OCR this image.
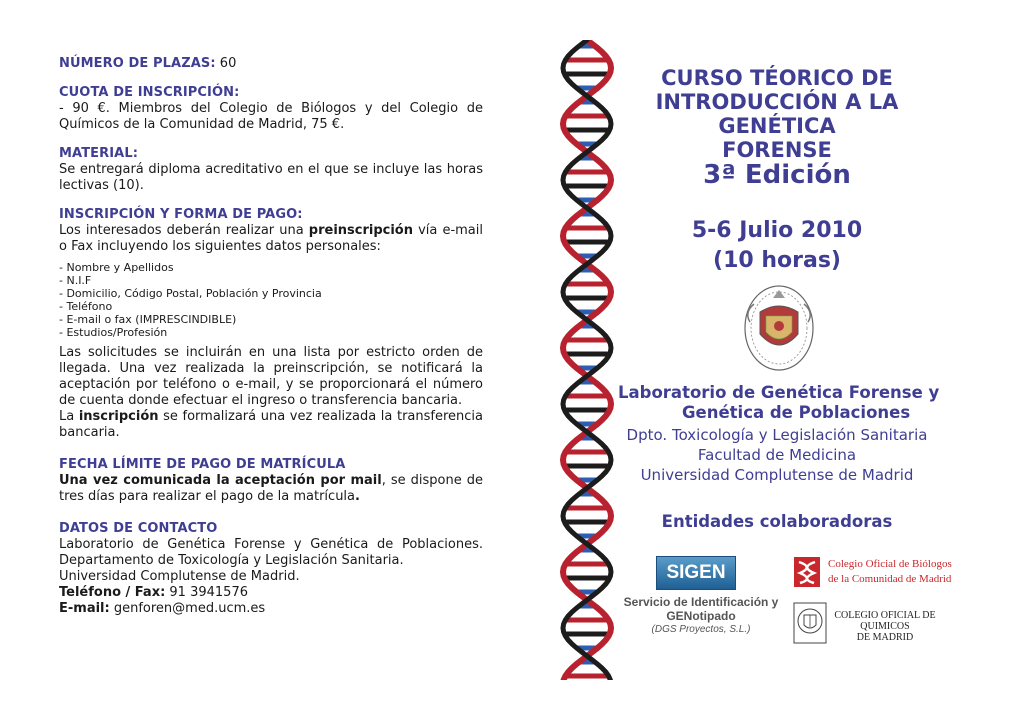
NÚMERO DE PLAZAS: 60
CUOTA DE INSCRIPCIÓN:
- 90 €. Miembros del Colegio de Biólogos y del Colegio de Químicos de la Comunidad de Madrid, 75 €.
MATERIAL:
Se entregará diploma acreditativo en el que se incluye las horas lectivas (10).
INSCRIPCIÓN Y FORMA DE PAGO:
Los interesados deberán realizar una preinscripción vía e-mail o Fax incluyendo los siguientes datos personales:
- Nombre y Apellidos
- N.I.F
- Domicilio, Código Postal, Población y Provincia
- Teléfono
- E-mail o fax (IMPRESCINDIBLE)
- Estudios/Profesión
Las solicitudes se incluirán en una lista por estricto orden de llegada. Una vez realizada la preinscripción, se notificará la aceptación por teléfono o e-mail, y se proporcionará el número de cuenta donde efectuar el ingreso o transferencia bancaria.
La inscripción se formalizará una vez realizada la transferencia bancaria.
FECHA LÍMITE DE PAGO DE MATRÍCULA
Una vez comunicada la aceptación por mail, se dispone de tres días para realizar el pago de la matrícula.
DATOS DE CONTACTO
Laboratorio de Genética Forense y Genética de Poblaciones. Departamento de Toxicología y Legislación Sanitaria.
Universidad Complutense de Madrid.
Teléfono / Fax: 91 3941576
E-mail: genforen@med.ucm.es
CURSO TÉORICO DE
INTRODUCCIÓN A LA GENÉTICA
FORENSE
3ª Edición
5-6 Julio 2010
(10 horas)
Laboratorio de Genética Forense y
Genética de Poblaciones
Dpto. Toxicología y Legislación Sanitaria
Facultad de Medicina
Universidad Complutense de Madrid
Entidades colaboradoras
SIGEN
Servicio de Identificación y
GENotipado
(DGS Proyectos, S.L.)
Colegio Oficial de Biólogos
de la Comunidad de Madrid
COLEGIO OFICIAL DE
QUIMICOS
DE MADRID
